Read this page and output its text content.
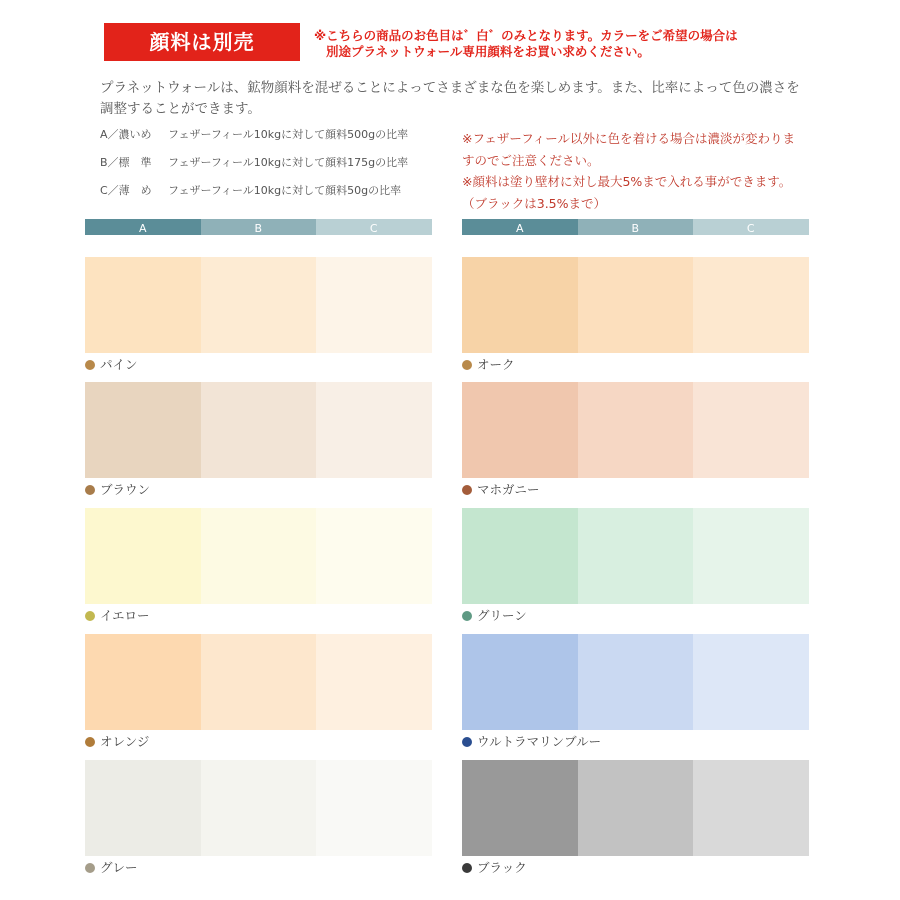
顔料は別売	※こちらの商品のお色目は゛白゛のみとなります。カラーをご希望の場合は
別途プラネットウォール専用顔料をお買い求めください。
プラネットウォールは、鉱物顔料を混ぜることによってさまざまな色を楽しめます。また、比率によって色の濃さを調整することができます。
A／濃いめ フェザーフィール10kgに対して顔料500gの比率
B／標　準 フェザーフィール10kgに対して顔料175gの比率
C／薄　め フェザーフィール10kgに対して顔料50gの比率
※フェザーフィール以外に色を着ける場合は濃淡が変わりますのでご注意ください。
※顔料は塗り壁材に対し最大5%まで入れる事ができます。（ブラックは3.5%まで）
A	B	C	A	B	C
パイン
ブラウン
イエロー
オレンジ
グレー
オーク
マホガニー
グリーン
ウルトラマリンブルー
ブラック
